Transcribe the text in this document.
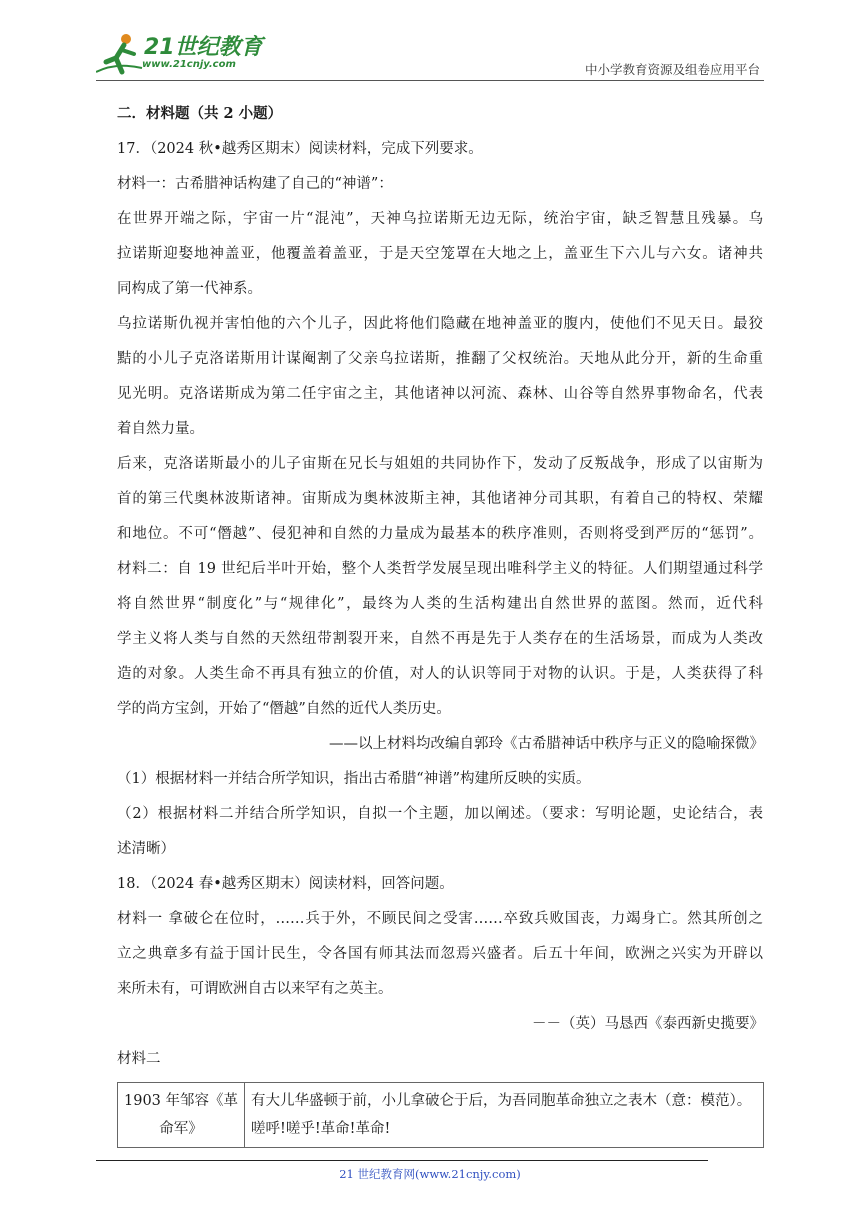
21世纪教育
www.21cnjy.com	中小学教育资源及组卷应用平台
二．材料题（共 2 小题）
17．（2024 秋•越秀区期末）阅读材料，完成下列要求。
材料一：古希腊神话构建了自己的“神谱”：
在世界开端之际，宇宙一片“混沌”，天神乌拉诺斯无边无际，统治宇宙，缺乏智慧且残暴。乌
拉诺斯迎娶地神盖亚，他覆盖着盖亚，于是天空笼罩在大地之上，盖亚生下六儿与六女。诸神共
同构成了第一代神系。
乌拉诺斯仇视并害怕他的六个儿子，因此将他们隐藏在地神盖亚的腹内，使他们不见天日。最狡
黠的小儿子克洛诺斯用计谋阉割了父亲乌拉诺斯，推翻了父权统治。天地从此分开，新的生命重
见光明。克洛诺斯成为第二任宇宙之主，其他诸神以河流、森林、山谷等自然界事物命名，代表
着自然力量。
后来，克洛诺斯最小的儿子宙斯在兄长与姐姐的共同协作下，发动了反叛战争，形成了以宙斯为
首的第三代奥林波斯诸神。宙斯成为奥林波斯主神，其他诸神分司其职，有着自己的特权、荣耀
和地位。不可“僭越”、侵犯神和自然的力量成为最基本的秩序准则，否则将受到严厉的“惩罚”。
材料二：自 19 世纪后半叶开始，整个人类哲学发展呈现出唯科学主义的特征。人们期望通过科学
将自然世界“制度化”与“规律化”，最终为人类的生活构建出自然世界的蓝图。然而，近代科
学主义将人类与自然的天然纽带割裂开来，自然不再是先于人类存在的生活场景，而成为人类改
造的对象。人类生命不再具有独立的价值，对人的认识等同于对物的认识。于是，人类获得了科
学的尚方宝剑，开始了“僭越”自然的近代人类历史。
——以上材料均改编自郭玲《古希腊神话中秩序与正义的隐喻探微》
（1）根据材料一并结合所学知识，指出古希腊“神谱”构建所反映的实质。
（2）根据材料二并结合所学知识，自拟一个主题，加以阐述。（要求：写明论题，史论结合，表
述清晰）
18．（2024 春•越秀区期末）阅读材料，回答问题。
材料一 拿破仑在位时，……兵于外，不顾民间之受害……卒致兵败国丧，力竭身亡。然其所创之
立之典章多有益于国计民生，令各国有师其法而忽焉兴盛者。后五十年间，欧洲之兴实为开辟以
来所未有，可谓欧洲自古以来罕有之英主。
－－（英）马恳西《泰西新史揽要》
材料二
1903 年邹容《革命军》	有大儿华盛顿于前，小儿拿破仑于后，为吾同胞革命独立之表木（意：模范）。嗟呼!嗟乎!革命!革命!
21 世纪教育网(www.21cnjy.com)
